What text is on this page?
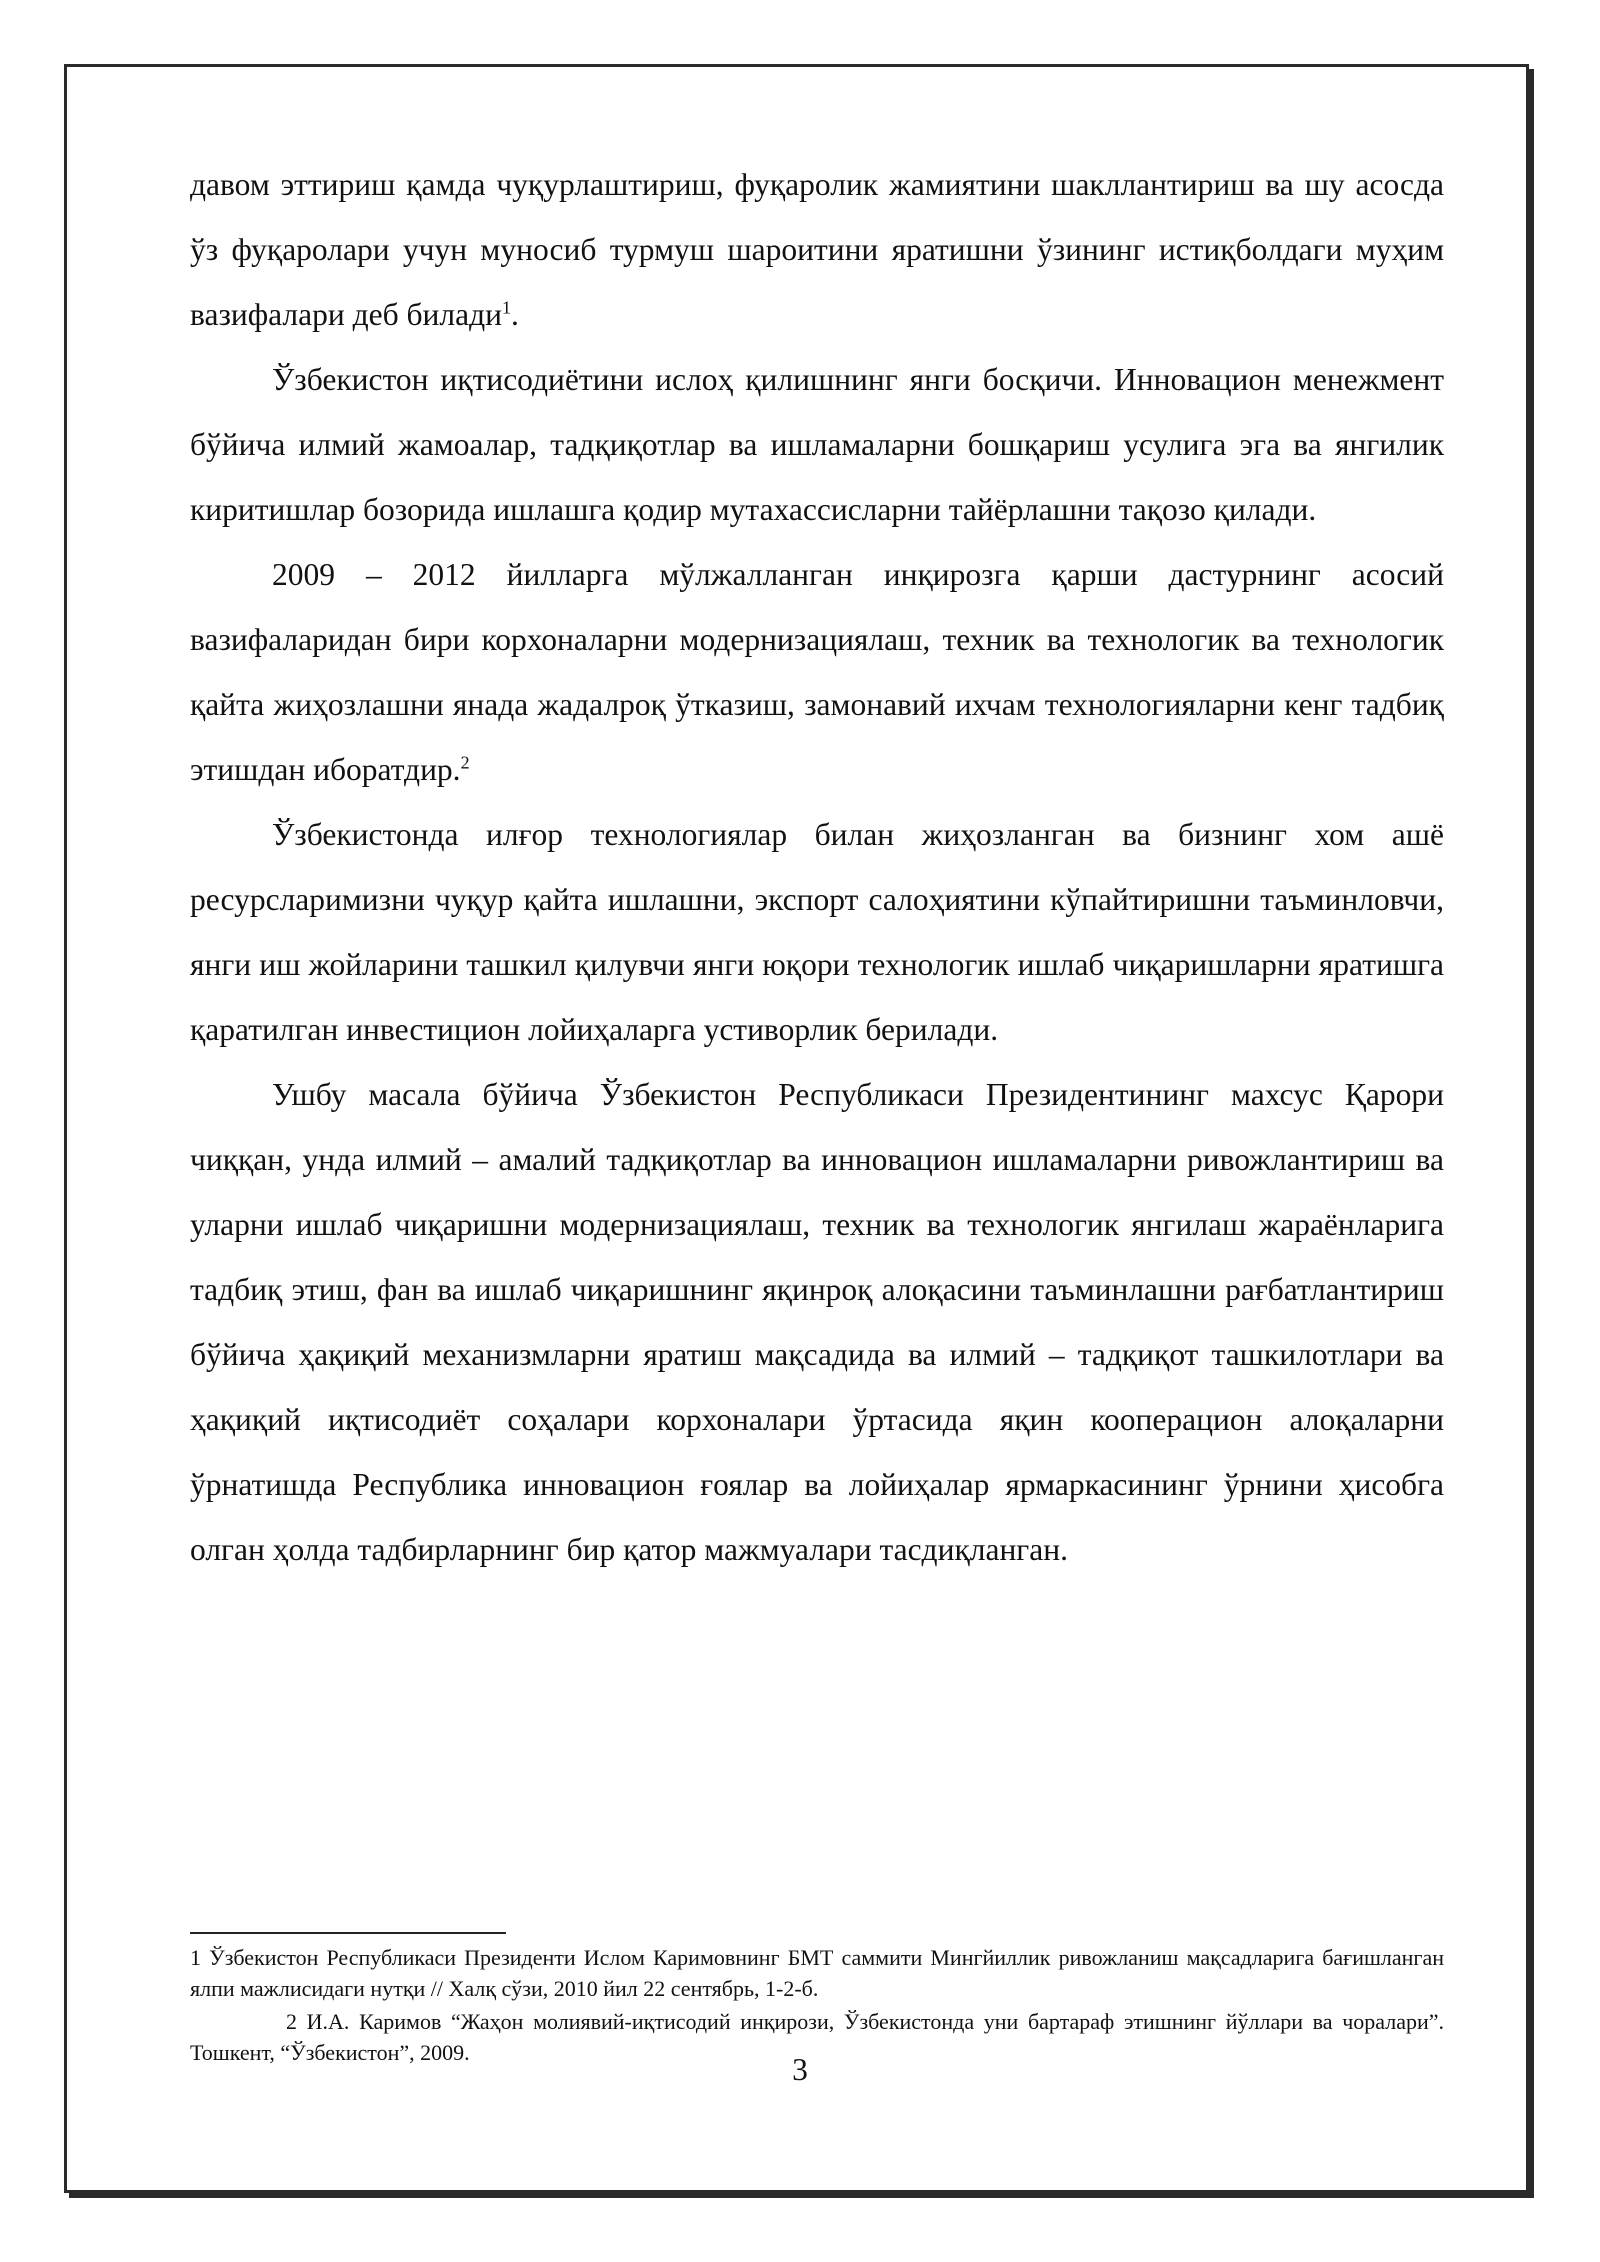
давом эттириш қамда чуқурлаштириш, фуқаролик жамиятини шакллантириш ва шу асосда ўз фуқаролари учун муносиб турмуш шароитини яратишни ўзининг истиқболдаги муҳим вазифалари деб билади$^1$.

Ўзбекистон иқтисодиётини ислоҳ қилишнинг янги босқичи. Инновацион менежмент бўйича илмий жамоалар, тадқиқотлар ва ишламаларни бошқариш усулига эга ва янгилик киритишлар бозорида ишлашга қодир мутахассисларни тайёрлашни тақозо қилади.

2009 – 2012 йилларга мўлжалланган инқирозга қарши дастурнинг асосий вазифаларидан бири корхоналарни модернизациялаш, техник ва технологик ва технологик қайта жиҳозлашни янада жадалроқ ўтказиш, замонавий ихчам технологияларни кенг тадбиқ этишдан иборатдир.$^2$

Ўзбекистонда илғор технологиялар билан жиҳозланган ва бизнинг хом ашё ресурсларимизни чуқур қайта ишлашни, экспорт салоҳиятини кўпайтиришни таъминловчи, янги иш жойларини ташкил қилувчи янги юқори технологик ишлаб чиқаришларни яратишга қаратилган инвестицион лойиҳаларга устиворлик берилади.

Ушбу масала бўйича Ўзбекистон Республикаси Президентининг махсус Қарори чиққан, унда илмий – амалий тадқиқотлар ва инновацион ишламаларни ривожлантириш ва уларни ишлаб чиқаришни модернизациялаш, техник ва технологик янгилаш жараёнларига тадбиқ этиш, фан ва ишлаб чиқаришнинг яқинроқ алоқасини таъминлашни рағбатлантириш бўйича ҳақиқий механизмларни яратиш мақсадида ва илмий – тадқиқот ташкилотлари ва ҳақиқий иқтисодиёт соҳалари корхоналари ўртасида яқин кооперацион алоқаларни ўрнатишда Республика инновацион ғоялар ва лойиҳалар ярмаркасининг ўрнини ҳисобга олган ҳолда тадбирларнинг бир қатор мажмуалари тасдиқланган.

1 Ўзбекистон Республикаси Президенти Ислом Каримовнинг БМТ саммити Мингйиллик ривожланиш мақсадларига бағишланган ялпи мажлисидаги нутқи // Халқ сўзи, 2010 йил 22 сентябрь, 1-2-б.

2 И.А. Каримов “Жаҳон молиявий-иқтисодий инқирози, Ўзбекистонда уни бартараф этишнинг йўллари ва чоралари”. Тошкент, “Ўзбекистон”, 2009.	3
